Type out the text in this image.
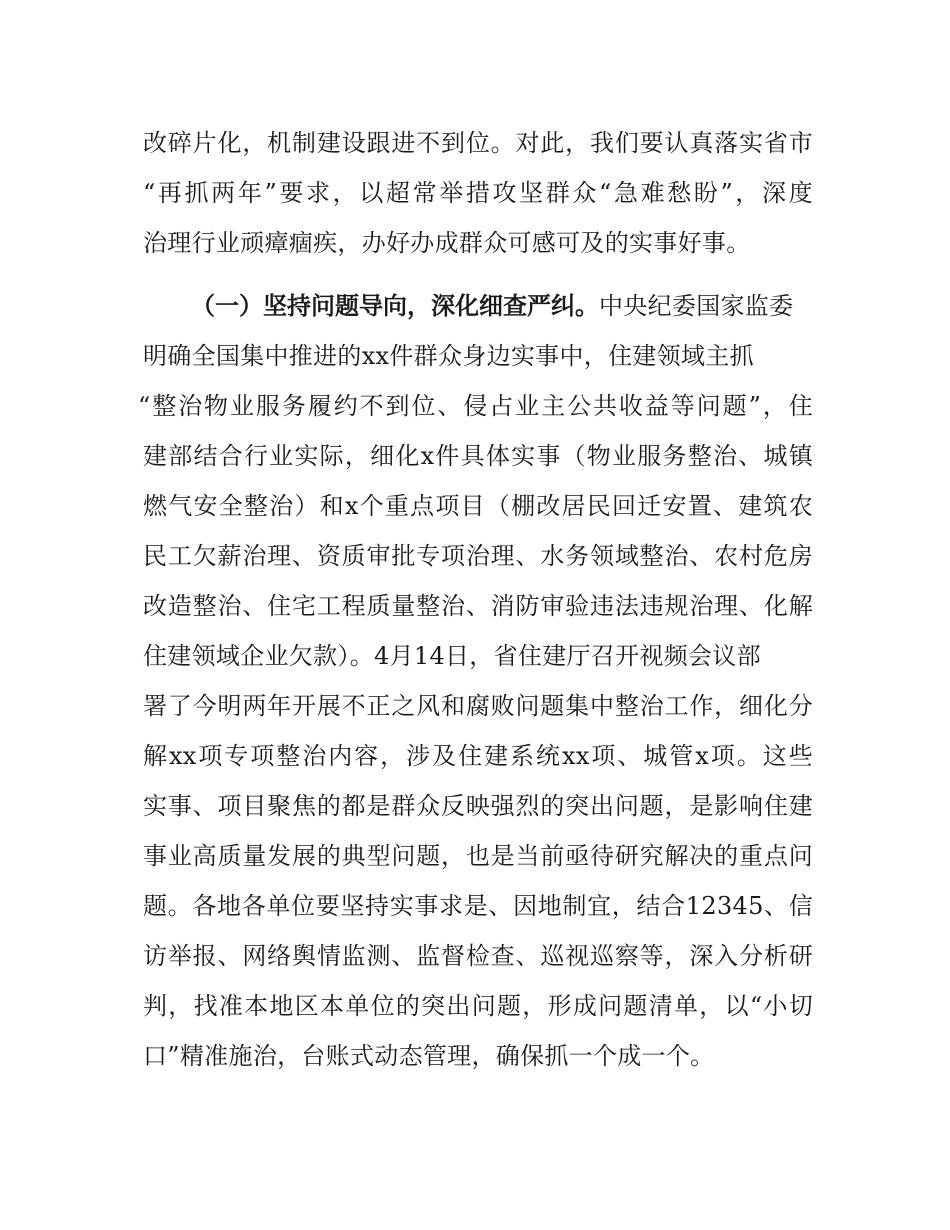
改碎片化，机制建设跟进不到位。对此，我们要认真落实省市
“再抓两年”要求，以超常举措攻坚群众“急难愁盼”，深度
治理行业顽瘴痼疾，办好办成群众可感可及的实事好事。
（一）坚持问题导向，深化细查严纠。中央纪委国家监委
明确全国集中推进的xx件群众身边实事中，住建领域主抓
“整治物业服务履约不到位、侵占业主公共收益等问题”，住
建部结合行业实际，细化x件具体实事（物业服务整治、城镇
燃气安全整治）和x个重点项目（棚改居民回迁安置、建筑农
民工欠薪治理、资质审批专项治理、水务领域整治、农村危房
改造整治、住宅工程质量整治、消防审验违法违规治理、化解
住建领域企业欠款）。4月14日，省住建厅召开视频会议部
署了今明两年开展不正之风和腐败问题集中整治工作，细化分
解xx项专项整治内容，涉及住建系统xx项、城管x项。这些
实事、项目聚焦的都是群众反映强烈的突出问题，是影响住建
事业高质量发展的典型问题，也是当前亟待研究解决的重点问
题。各地各单位要坚持实事求是、因地制宜，结合12345、信
访举报、网络舆情监测、监督检查、巡视巡察等，深入分析研
判，找准本地区本单位的突出问题，形成问题清单，以“小切
口”精准施治，台账式动态管理，确保抓一个成一个。
